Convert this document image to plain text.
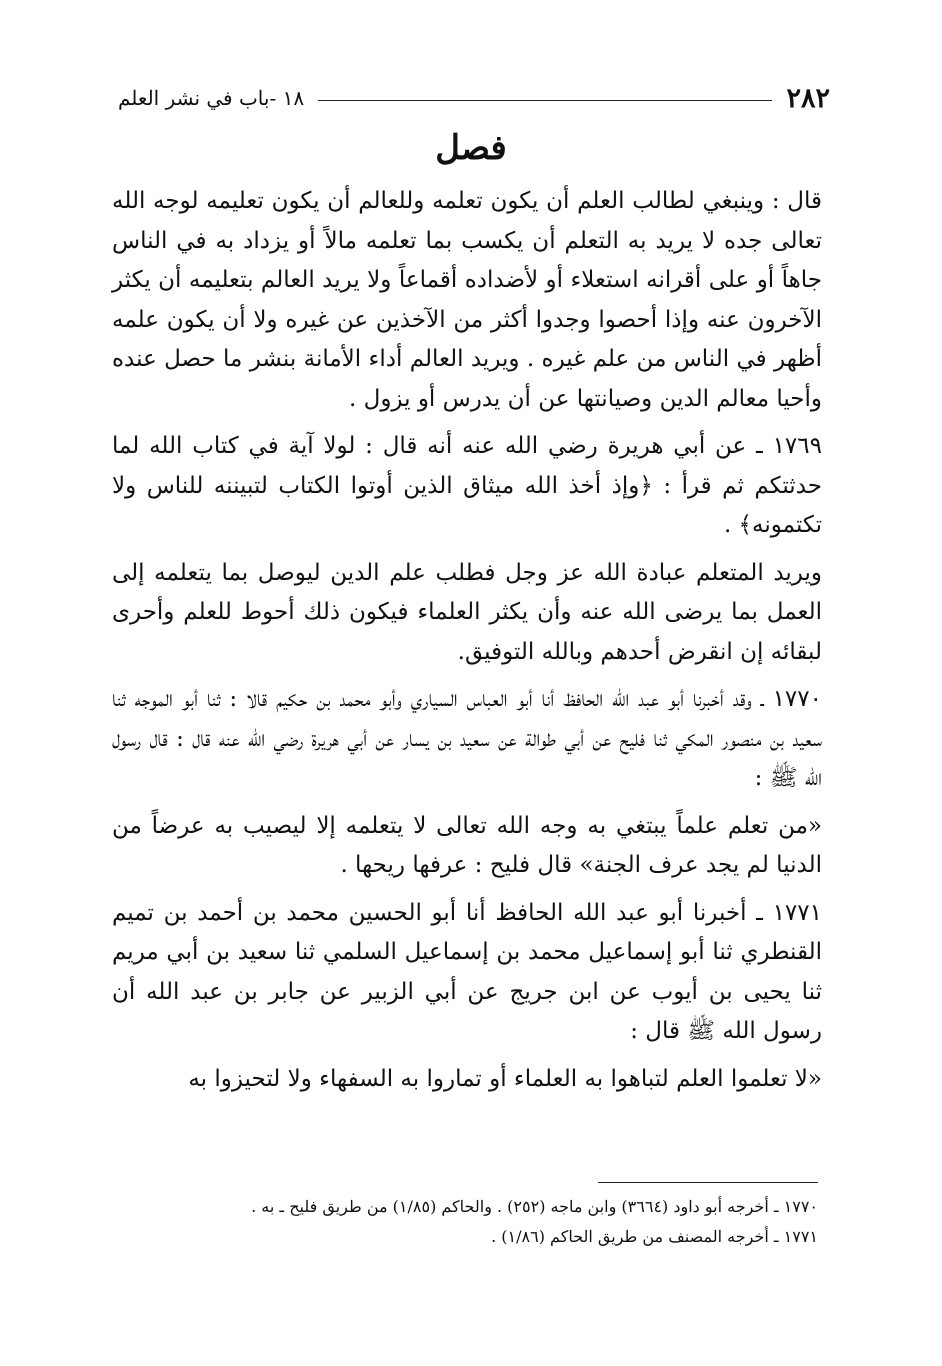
٢٨٢
١٨ -باب في نشر العلم
فصل

قال : وينبغي لطالب العلم أن يكون تعلمه وللعالم أن يكون تعليمه لوجه الله تعالى جده لا يريد به التعلم أن يكسب بما تعلمه مالاً أو يزداد به في الناس جاهاً أو على أقرانه استعلاء أو لأضداده أقماعاً ولا يريد العالم بتعليمه أن يكثر الآخرون عنه وإذا أحصوا وجدوا أكثر من الآخذين عن غيره ولا أن يكون علمه أظهر في الناس من علم غيره . ويريد العالم أداء الأمانة بنشر ما حصل عنده وأحيا معالم الدين وصيانتها عن أن يدرس أو يزول .

١٧٦٩ ـ عن أبي هريرة رضي الله عنه أنه قال : لولا آية في كتاب الله لما حدثتكم ثم قرأ : ﴿وإذ أخذ الله ميثاق الذين أوتوا الكتاب لتبيننه للناس ولا تكتمونه﴾ .

ويريد المتعلم عبادة الله عز وجل فطلب علم الدين ليوصل بما يتعلمه إلى العمل بما يرضى الله عنه وأن يكثر العلماء فيكون ذلك أحوط للعلم وأحرى لبقائه إن انقرض أحدهم وبالله التوفيق.

١٧٧٠ ـ وقد أخبرنا أبو عبد الله الحافظ أنا أبو العباس السياري وأبو محمد بن حكيم قالا : ثنا أبو الموجه ثنا سعيد بن منصور المكي ثنا فليح عن أبي طوالة عن سعيد بن يسار عن أبي هريرة رضي الله عنه قال : قال رسول الله ﷺ :

«من تعلم علماً يبتغي به وجه الله تعالى لا يتعلمه إلا ليصيب به عرضاً من الدنيا لم يجد عرف الجنة» قال فليح : عرفها ريحها .

١٧٧١ ـ أخبرنا أبو عبد الله الحافظ أنا أبو الحسين محمد بن أحمد بن تميم القنطري ثنا أبو إسماعيل محمد بن إسماعيل السلمي ثنا سعيد بن أبي مريم ثنا يحيى بن أيوب عن ابن جريج عن أبي الزبير عن جابر بن عبد الله أن رسول الله ﷺ قال :

«لا تعلموا العلم لتباهوا به العلماء أو تماروا به السفهاء ولا لتحيزوا به

١٧٧٠ ـ أخرجه أبو داود (٣٦٦٤) وابن ماجه (٢٥٢) . والحاكم (١/٨٥) من طريق فليح ـ به .

١٧٧١ ـ أخرجه المصنف من طريق الحاكم (١/٨٦) .
